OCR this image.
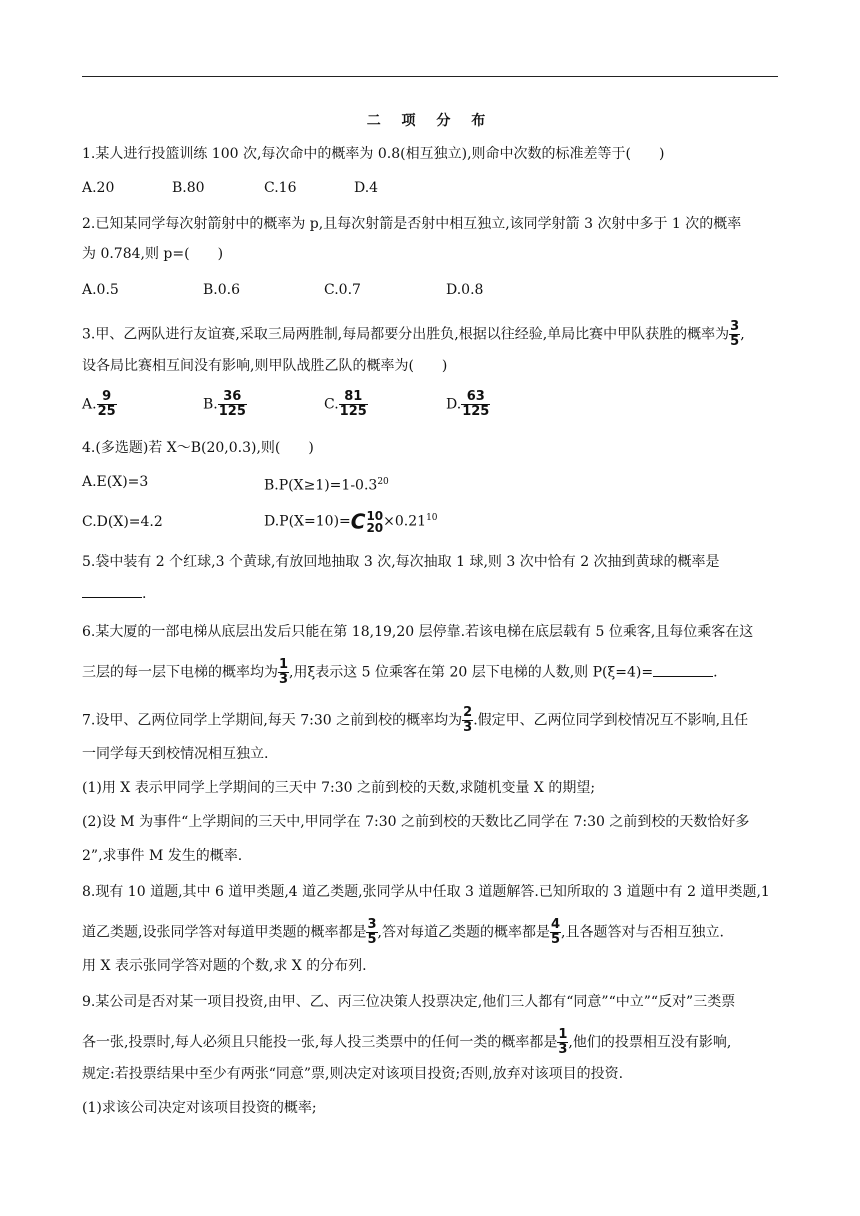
二 项 分 布
1.某人进行投篮训练 100 次,每次命中的概率为 0.8(相互独立),则命中次数的标准差等于(　　)
A.20	B.80	C.16	D.4
2.已知某同学每次射箭射中的概率为 p,且每次射箭是否射中相互独立,该同学射箭 3 次射中多于 1 次的概率
为 0.784,则 p=(　　)
A.0.5	B.0.6	C.0.7	D.0.8
3.甲、乙两队进行友谊赛,采取三局两胜制,每局都要分出胜负,根据以往经验,单局比赛中甲队获胜的概率为 $\frac{3}{5}$ ,
设各局比赛相互间没有影响,则甲队战胜乙队的概率为(　　)
A. $\frac{9}{25}$	B. $\frac{36}{125}$	C. $\frac{81}{125}$	D. $\frac{63}{125}$
4.(多选题)若 X～B(20,0.3),则(　　)
A.E(X)=3	$B.P(X\ge 1)=1-0.3^{20}$
C.D(X)=4.2	D.P(X=10)=C 10
$20 \times 0.21^{10}$
5.袋中装有 2 个红球,3 个黄球,有放回地抽取 3 次,每次抽取 1 球,则 3 次中恰有 2 次抽到黄球的概率是
.
6.某大厦的一部电梯从底层出发后只能在第 18,19,20 层停靠.若该电梯在底层载有 5 位乘客,且每位乘客在这
三层的每一层下电梯的概率均为 $\frac{1}{3}$ ,用ξ表示这 5 位乘客在第 20 层下电梯的人数,则 P(ξ=4)=	.
7.设甲、乙两位同学上学期间,每天 7:30 之前到校的概率均为 $\frac{2}{3}$ .假定甲、乙两位同学到校情况互不影响,且任
一同学每天到校情况相互独立.
(1)用 X 表示甲同学上学期间的三天中 7:30 之前到校的天数,求随机变量 X 的期望;
(2)设 M 为事件“上学期间的三天中,甲同学在 7:30 之前到校的天数比乙同学在 7:30 之前到校的天数恰好多
2”,求事件 M 发生的概率.
8.现有 10 道题,其中 6 道甲类题,4 道乙类题,张同学从中任取 3 道题解答.已知所取的 3 道题中有 2 道甲类题,1
道乙类题,设张同学答对每道甲类题的概率都是 $\frac{3}{5}$ ,答对每道乙类题的概率都是 $\frac{4}{5}$ ,且各题答对与否相互独立.
用 X 表示张同学答对题的个数,求 X 的分布列.
9.某公司是否对某一项目投资,由甲、乙、丙三位决策人投票决定,他们三人都有“同意”“中立”“反对”三类票
各一张,投票时,每人必须且只能投一张,每人投三类票中的任何一类的概率都是 $\frac{1}{3}$ ,他们的投票相互没有影响,
规定:若投票结果中至少有两张“同意”票,则决定对该项目投资;否则,放弃对该项目的投资.
(1)求该公司决定对该项目投资的概率;
